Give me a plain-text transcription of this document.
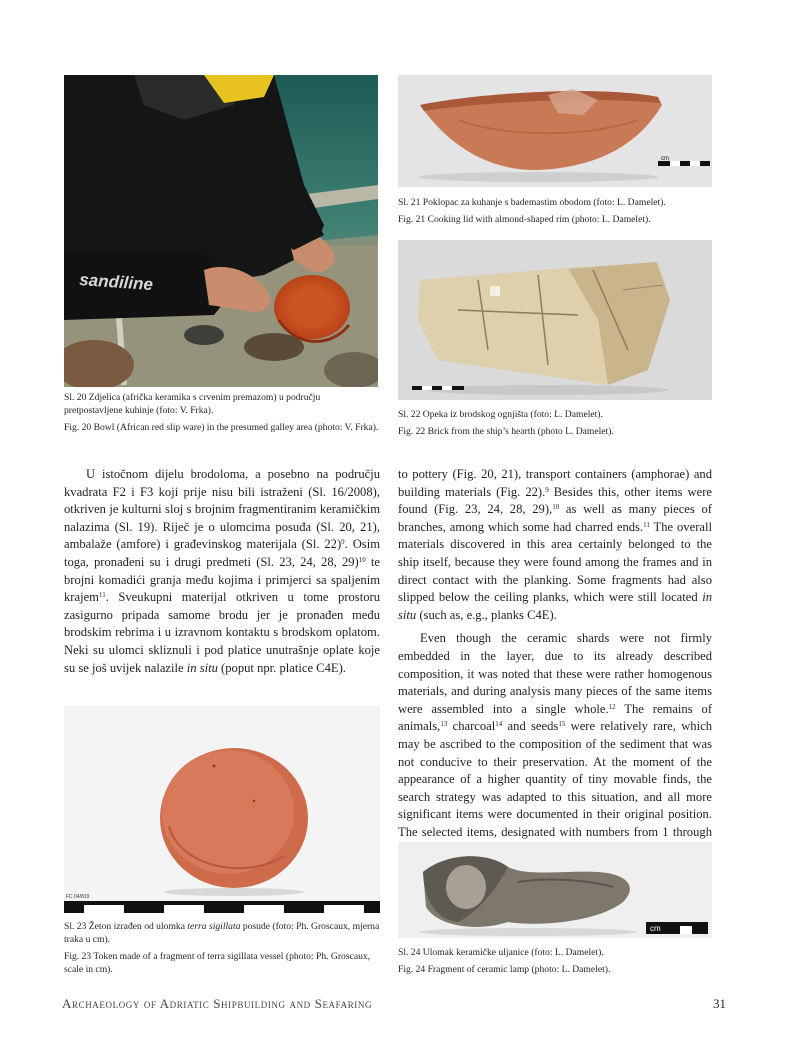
sandiline

Sl. 20 Zdjelica (afrička keramika s crvenim premazom) u području pretpostavljene kuhinje (foto: V. Frka).

Fig. 20 Bowl (African red slip ware) in the presumed galley area (photo: V. Frka).

cm

Sl. 21 Poklopac za kuhanje s bademastim obodom (foto: L. Damelet).

Fig. 21 Cooking lid with almond-shaped rim (photo: L. Damelet).

Sl. 22 Opeka iz brodskog ognjišta (foto: L. Damelet).

Fig. 22 Brick from the ship’s hearth (photo L. Damelet).

U istočnom dijelu brodoloma, a posebno na području kvadrata F2 i F3 koji prije nisu bili istraženi (Sl. 16/2008), otkriven je kulturni sloj s brojnim fragmentiranim keramičkim nalazima (Sl. 19). Riječ je o ulomcima posuđa (Sl. 20, 21), ambalaže (amfore) i građevinskog materijala (Sl. 22)$^9$. Osim toga, pronađeni su i drugi predmeti (Sl. 23, 24, 28, 29)$^{10}$ te brojni komadići granja među kojima i primjerci sa spaljenim krajem$^{11}$. Sveukupni materijal otkriven u tome prostoru zasigurno pripada samome brodu jer je pronađen među brodskim rebrima i u izravnom kontaktu s brodskom oplatom. Neki su ulomci skliznuli i pod platice unutrašnje oplate koje su se još uvijek nalazile in situ (poput npr. platice C4E).

FC 04/819

Sl. 23 Žeton izrađen od ulomka terra sigillata posude (foto: Ph. Groscaux, mjerna traka u cm).

Fig. 23 Token made of a fragment of terra sigillata vessel (photo: Ph. Groscaux, scale in cm).

to pottery (Fig. 20, 21), transport containers (amphorae) and building materials (Fig. 22).$^9$ Besides this, other items were found (Fig. 23, 24, 28, 29),$^{10}$ as well as many pieces of branches, among which some had charred ends.$^{11}$ The overall materials discovered in this area certainly belonged to the ship itself, because they were found among the frames and in direct contact with the planking. Some fragments had also slipped below the ceiling planks, which were still located in situ (such as, e.g., planks C4E).

Even though the ceramic shards were not firmly embedded in the layer, due to its already described composition, it was noted that these were rather homogenous materials, and during analysis many pieces of the same items were assembled into a single whole.$^{12}$ The remains of animals,$^{13}$ charcoal$^{14}$ and seeds$^{15}$ were relatively rare, which may be ascribed to the composition of the sediment that was not conducive to their preservation. At the moment of the appearance of a higher quantity of tiny movable finds, the search strategy was adapted to this situation, and all more significant items were documented in their original position. The selected items, designated with numbers from 1 through

cm

Sl. 24 Ulomak keramičke uljanice (foto: L. Damelet).

Fig. 24 Fragment of ceramic lamp (photo: L. Damelet).

Archaeology of Adriatic Shipbuilding and Seafaring	31
